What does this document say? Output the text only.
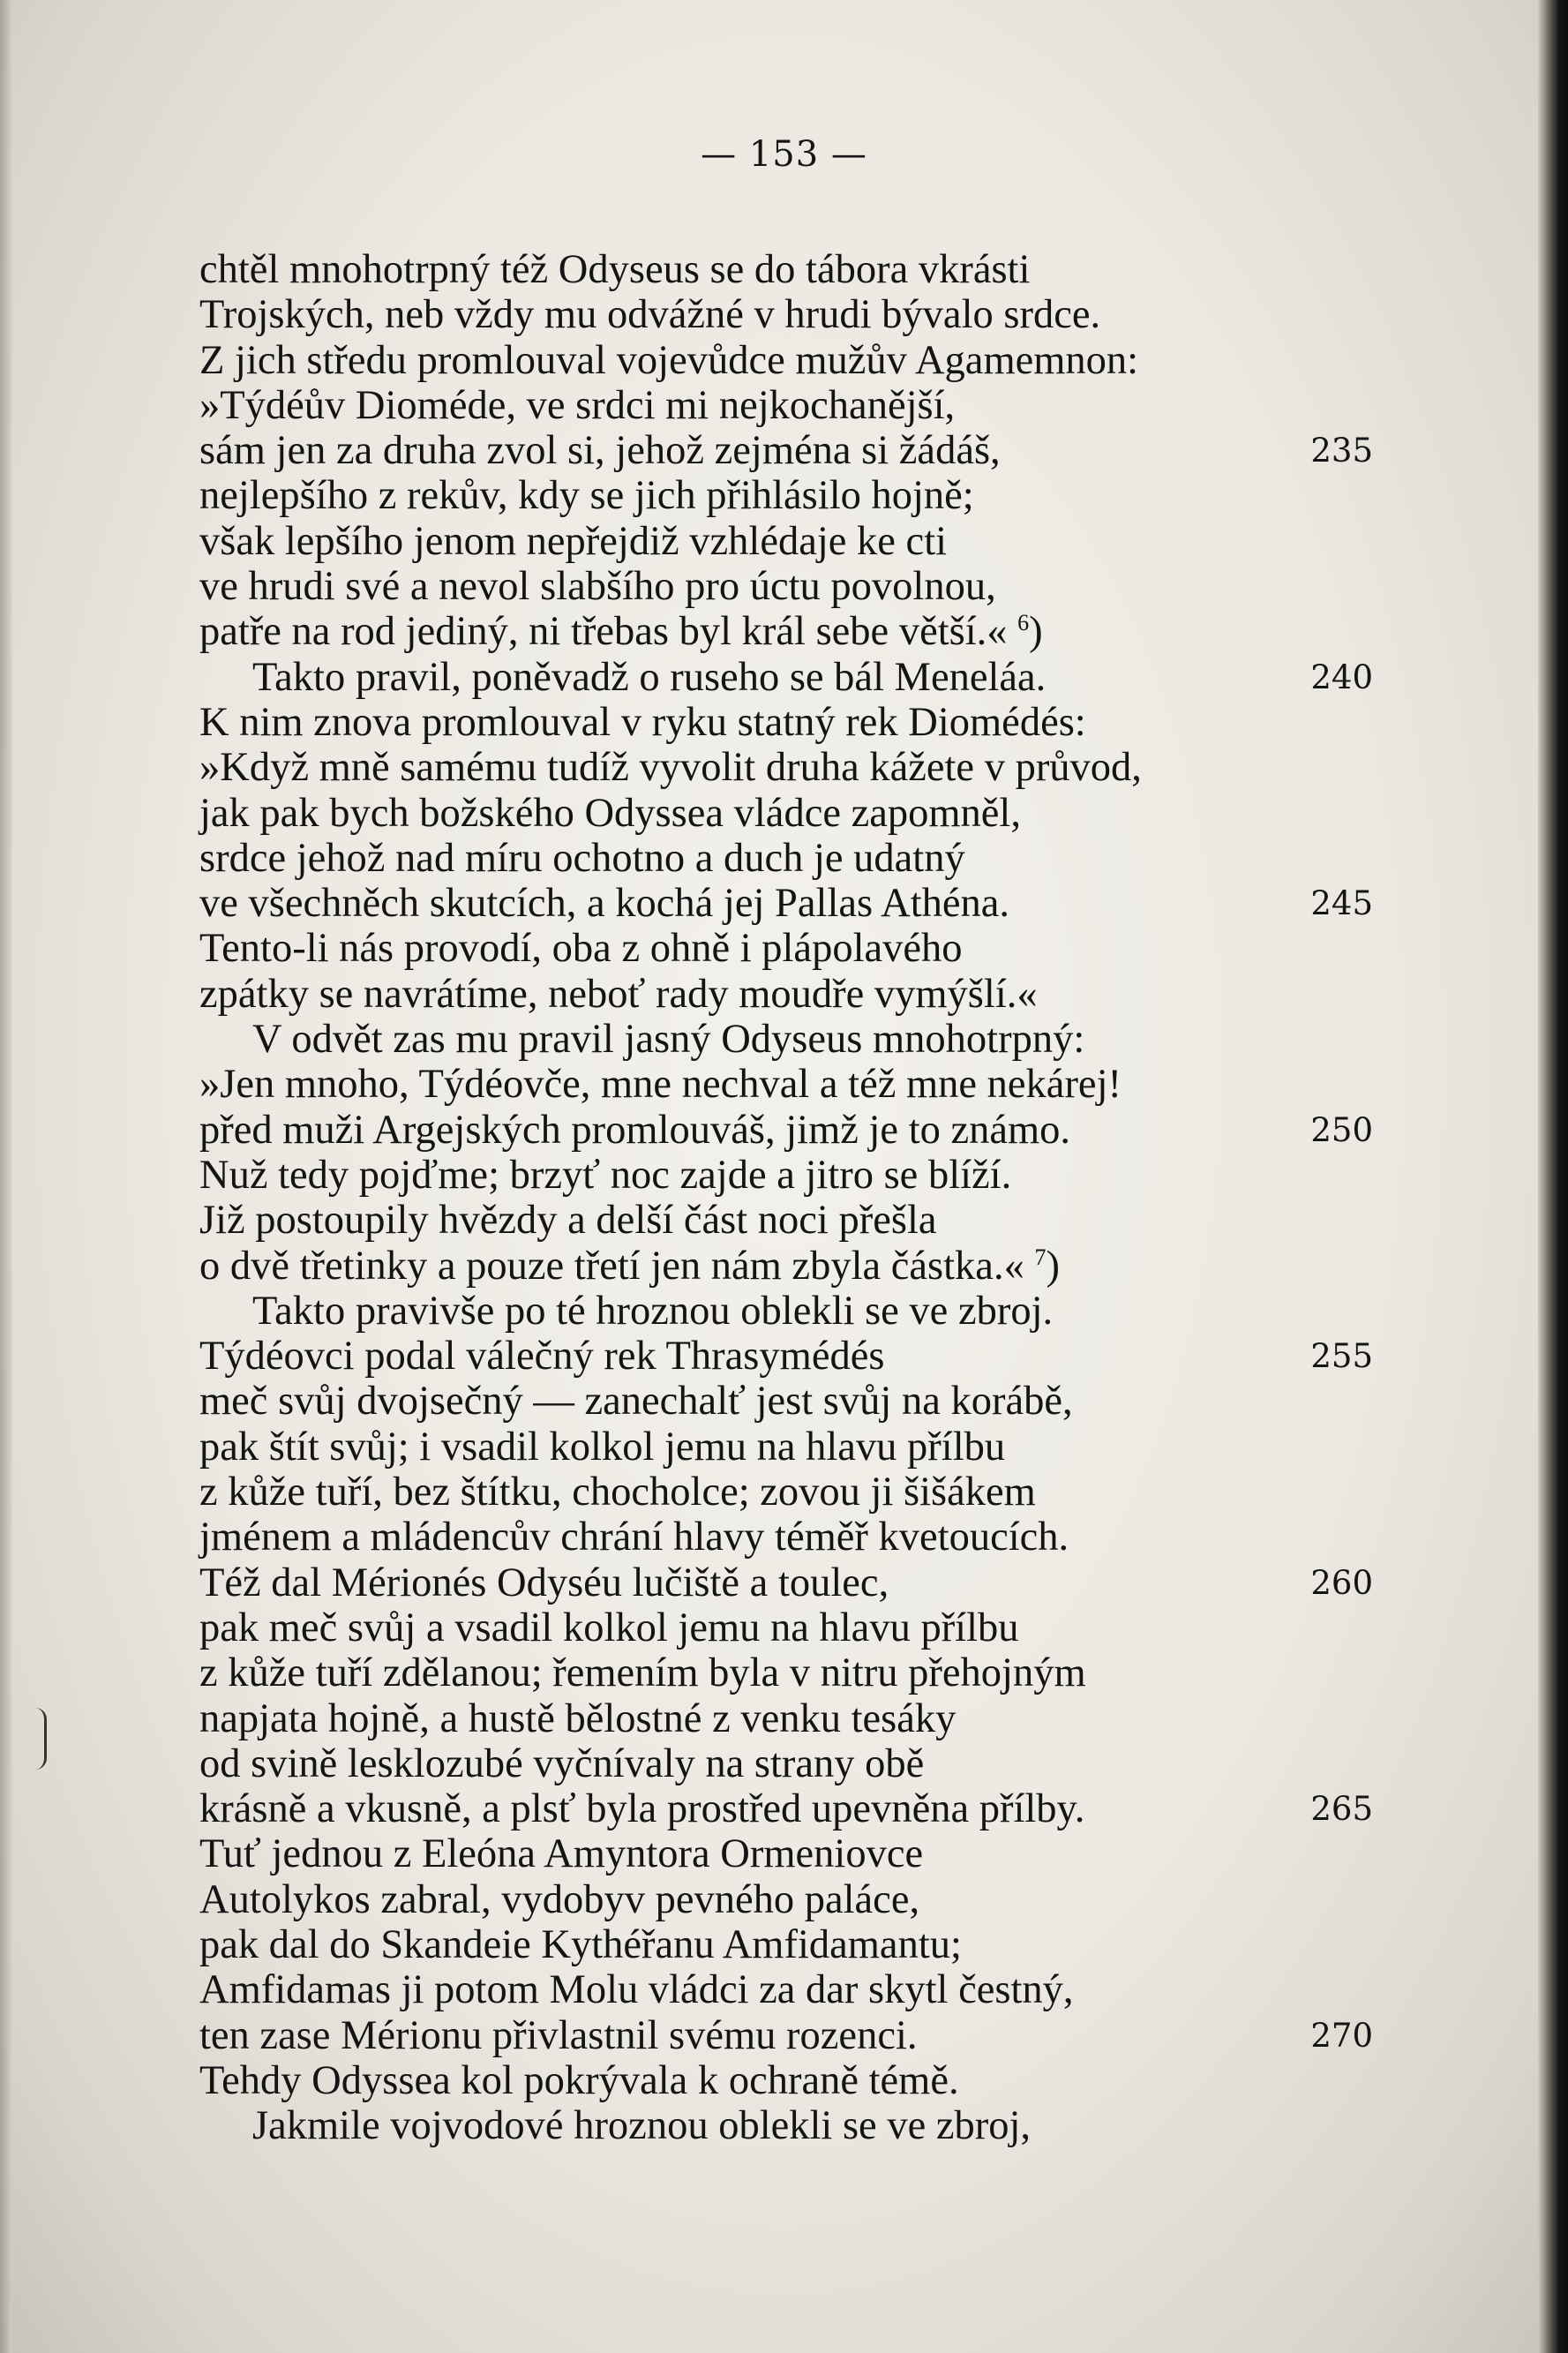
— 153 —
chtěl mnohotrpný též Odyseus se do tábora vkrásti
Trojských, neb vždy mu odvážné v hrudi bývalo srdce.
Z jich středu promlouval vojevůdce mužův Agamemnon:
»Týdéův Dioméde, ve srdci mi nejkochanější,
sám jen za druha zvol si, jehož zejména si žádáš,	235
nejlepšího z rekův, kdy se jich přihlásilo hojně;
však lepšího jenom nepřejdiž vzhlédaje ke cti
ve hrudi své a nevol slabšího pro úctu povolnou,
patře na rod jediný, ni třebas byl král sebe větší.« $^6$)
Takto pravil, poněvadž o ruseho se bál Meneláa.	240
K nim znova promlouval v ryku statný rek Diomédés:
»Když mně samému tudíž vyvolit druha kážete v průvod,
jak pak bych božského Odyssea vládce zapomněl,
srdce jehož nad míru ochotno a duch je udatný
ve všechněch skutcích, a kochá jej Pallas Athéna.	245
Tento-li nás provodí, oba z ohně i plápolavého
zpátky se navrátíme, neboť rady moudře vymýšlí.«
V odvět zas mu pravil jasný Odyseus mnohotrpný:
»Jen mnoho, Týdéovče, mne nechval a též mne nekárej!
před muži Argejských promlouváš, jimž je to známo.	250
Nuž tedy pojďme; brzyť noc zajde a jitro se blíží.
Již postoupily hvězdy a delší část noci přešla
o dvě třetinky a pouze třetí jen nám zbyla částka.« $^7$)
Takto pravivše po té hroznou oblekli se ve zbroj.
Týdéovci podal válečný rek Thrasymédés	255
meč svůj dvojsečný — zanechalť jest svůj na korábě,
pak štít svůj; i vsadil kolkol jemu na hlavu přílbu
z kůže tuří, bez štítku, chocholce; zovou ji šišákem
jménem a mládencův chrání hlavy téměř kvetoucích.
Též dal Mérionés Odyséu lučiště a toulec,	260
pak meč svůj a vsadil kolkol jemu na hlavu přílbu
z kůže tuří zdělanou; řemením byla v nitru přehojným
napjata hojně, a hustě bělostné z venku tesáky
od svině lesklozubé vyčnívaly na strany obě
krásně a vkusně, a plsť byla prostřed upevněna přílby.	265
Tuť jednou z Eleóna Amyntora Ormeniovce
Autolykos zabral, vydobyv pevného paláce,
pak dal do Skandeie Kythéřanu Amfidamantu;
Amfidamas ji potom Molu vládci za dar skytl čestný,
ten zase Mérionu přivlastnil svému rozenci.	270
Tehdy Odyssea kol pokrývala k ochraně témě.
Jakmile vojvodové hroznou oblekli se ve zbroj,
